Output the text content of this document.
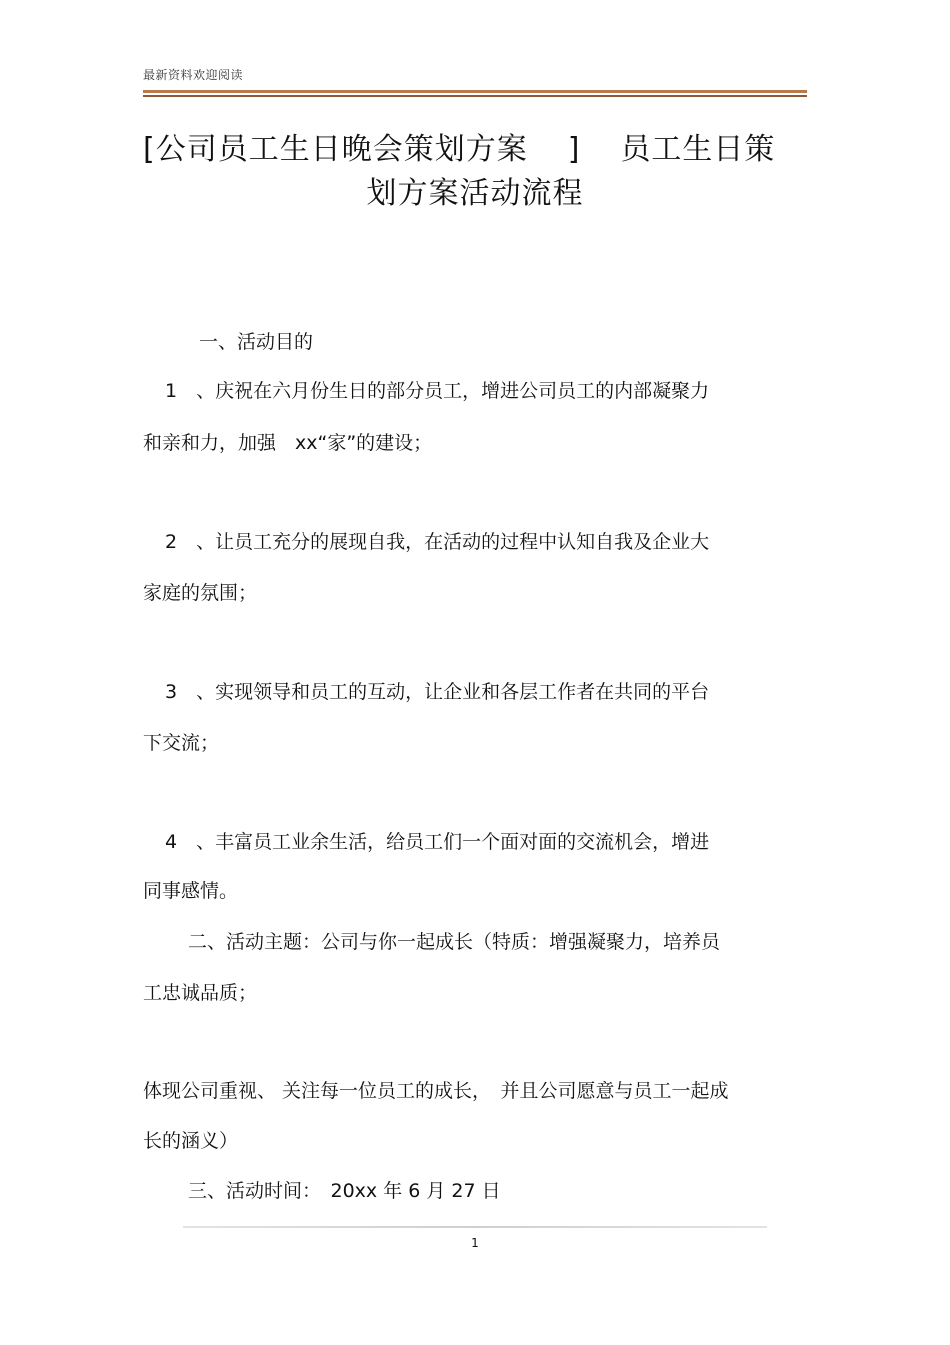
最新资料欢迎阅读
[公司员工生日晚会策划方案 ] 员工生日策
划方案活动流程
一、活动目的
1　、庆祝在六月份生日的部分员工，增进公司员工的内部凝聚力
和亲和力，加强　xx“家”的建设；
2　、让员工充分的展现自我，在活动的过程中认知自我及企业大
家庭的氛围；
3　、实现领导和员工的互动，让企业和各层工作者在共同的平台
下交流；
4　、丰富员工业余生活，给员工们一个面对面的交流机会，增进
同事感情。
二、活动主题：公司与你一起成长（特质：增强凝聚力，培养员
工忠诚品质；
体现公司重视、 关注每一位员工的成长，　并且公司愿意与员工一起成
长的涵义）
三、活动时间：　20xx 年 6 月 27 日
1
